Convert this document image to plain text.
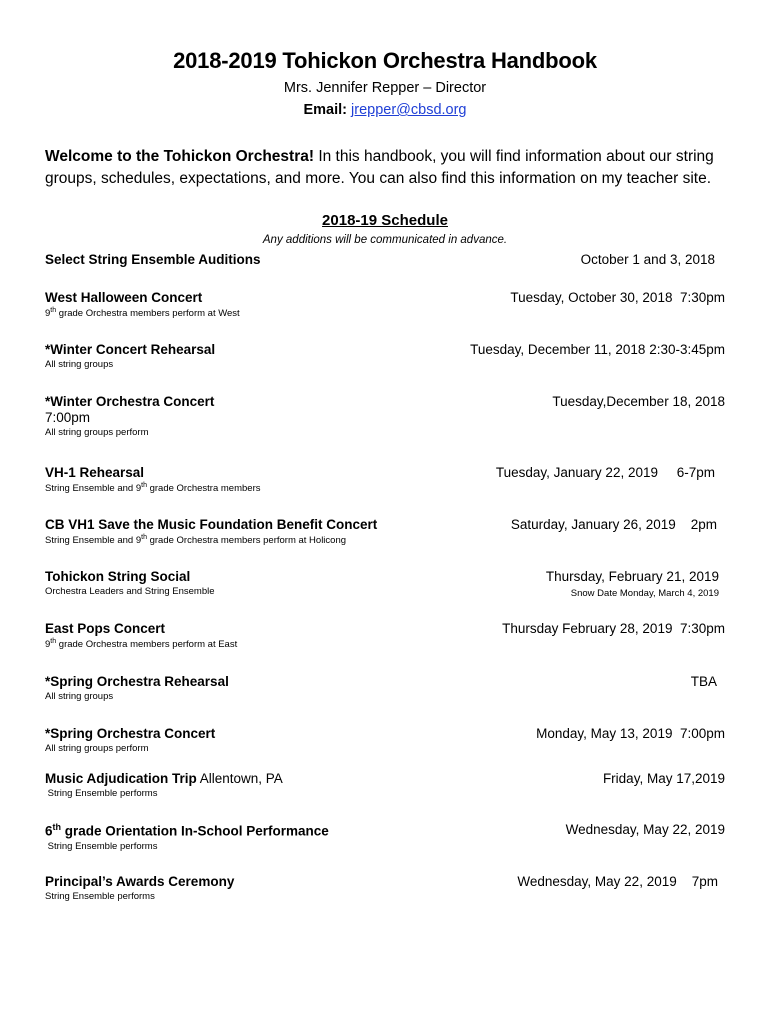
2018-2019 Tohickon Orchestra Handbook
Mrs. Jennifer Repper – Director
Email: jrepper@cbsd.org
Welcome to the Tohickon Orchestra! In this handbook, you will find information about our string groups, schedules, expectations, and more. You can also find this information on my teacher site.
2018-19 Schedule
Any additions will be communicated in advance.
Select String Ensemble Auditions	October 1 and 3, 2018
West Halloween Concert	Tuesday, October 30, 2018  7:30pm
9th grade Orchestra members perform at West
*Winter Concert Rehearsal	Tuesday, December 11, 2018 2:30-3:45pm
All string groups
*Winter Orchestra Concert	Tuesday,December 18, 2018
7:00pm
All string groups perform
VH-1 Rehearsal	Tuesday, January 22, 2019     6-7pm
String Ensemble and 9th grade Orchestra members
CB VH1 Save the Music Foundation Benefit Concert	Saturday, January 26, 2019    2pm
String Ensemble and 9th grade Orchestra members perform at Holicong
Tohickon String Social	Thursday, February 21, 2019
Orchestra Leaders and String Ensemble	Snow Date Monday, March 4, 2019
East Pops Concert	Thursday February 28, 2019  7:30pm
9th grade Orchestra members perform at East
*Spring Orchestra Rehearsal	TBA
All string groups
*Spring Orchestra Concert	Monday, May 13, 2019  7:00pm
All string groups perform
Music Adjudication Trip Allentown, PA	Friday, May 17,2019
String Ensemble performs
6th grade Orientation In-School Performance	Wednesday, May 22, 2019
String Ensemble performs
Principal’s Awards Ceremony	Wednesday, May 22, 2019    7pm
String Ensemble performs
